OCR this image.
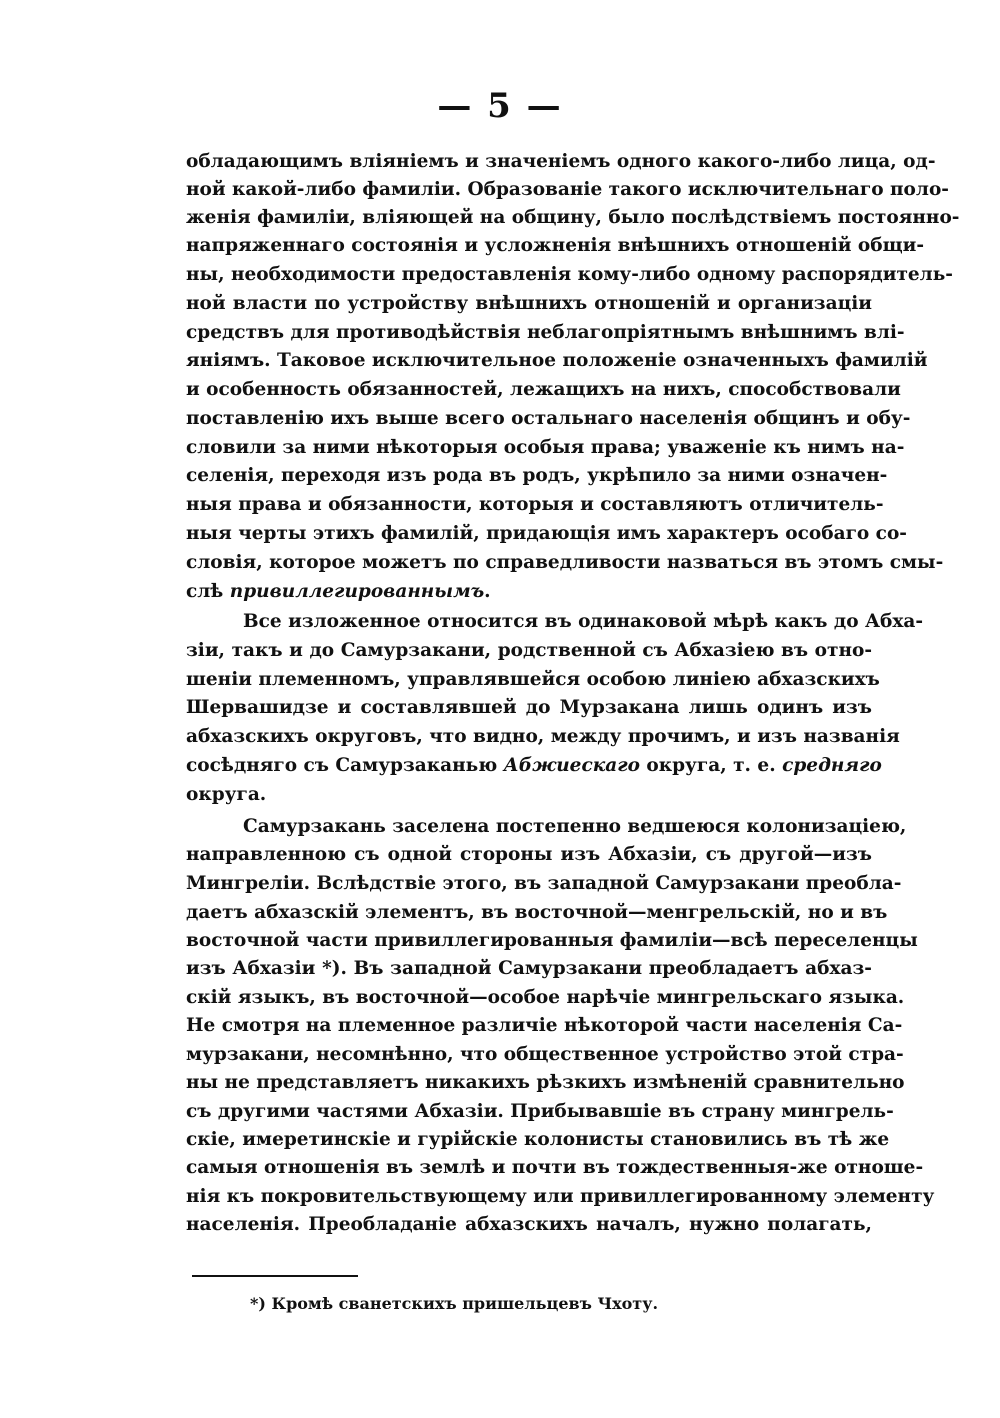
— 5 —
обладающимъ вліяніемъ и значеніемъ одного какого-либо лица, од-
ной какой-либо фамиліи. Образованіе такого исключительнаго поло-
женія фамиліи, вліяющей на общину, было послѣдствіемъ постоянно-
напряженнаго состоянія и усложненія внѣшнихъ отношеній общи-
ны, необходимости предоставленія кому-либо одному распорядитель-
ной власти по устройству внѣшнихъ отношеній и организаціи
средствъ для противодѣйствія неблагопріятнымъ внѣшнимъ влі-
яніямъ. Таковое исключительное положеніе означенныхъ фамилій
и особенность обязанностей, лежащихъ на нихъ, способствовали
поставленію ихъ выше всего остальнаго населенія общинъ и обу-
словили за ними нѣкоторыя особыя права; уваженіе къ нимъ на-
селенія, переходя изъ рода въ родъ, укрѣпило за ними означен-
ныя права и обязанности, которыя и составляютъ отличитель-
ныя черты этихъ фамилій, придающія имъ характеръ особаго со-
словія, которое можетъ по справедливости назваться въ этомъ смы-
слѣ привиллегированнымъ.
Все изложенное относится въ одинаковой мѣрѣ какъ до Абха-
зіи, такъ и до Самурзакани, родственной съ Абхазіею въ отно-
шеніи племенномъ, управлявшейся особою линіею абхазскихъ
Шервашидзе и составлявшей до Мурзакана лишь одинъ изъ
абхазскихъ округовъ, что видно, между прочимъ, и изъ названія
сосѣдняго съ Самурзаканью Абжиескаго округа, т. е. средняго
округа.
Самурзакань заселена постепенно ведшеюся колонизаціею,
направленною съ одной стороны изъ Абхазіи, съ другой—изъ
Мингреліи. Вслѣдствіе этого, въ западной Самурзакани преобла-
даетъ абхазскій элементъ, въ восточной—менгрельскій, но и въ
восточной части привиллегированныя фамиліи—всѣ переселенцы
изъ Абхазіи *). Въ западной Самурзакани преобладаетъ абхаз-
скій языкъ, въ восточной—особое нарѣчіе мингрельскаго языка.
Не смотря на племенное различіе нѣкоторой части населенія Са-
мурзакани, несомнѣнно, что общественное устройство этой стра-
ны не представляетъ никакихъ рѣзкихъ измѣненій сравнительно
съ другими частями Абхазіи. Прибывавшіе въ страну мингрель-
скіе, имеретинскіе и гурійскіе колонисты становились въ тѣ же
самыя отношенія въ землѣ и почти въ тождественныя-же отноше-
нія къ покровительствующему или привиллегированному элементу
населенія. Преобладаніе абхазскихъ началъ, нужно полагать,
*) Кромѣ сванетскихъ пришельцевъ Чхоту.
